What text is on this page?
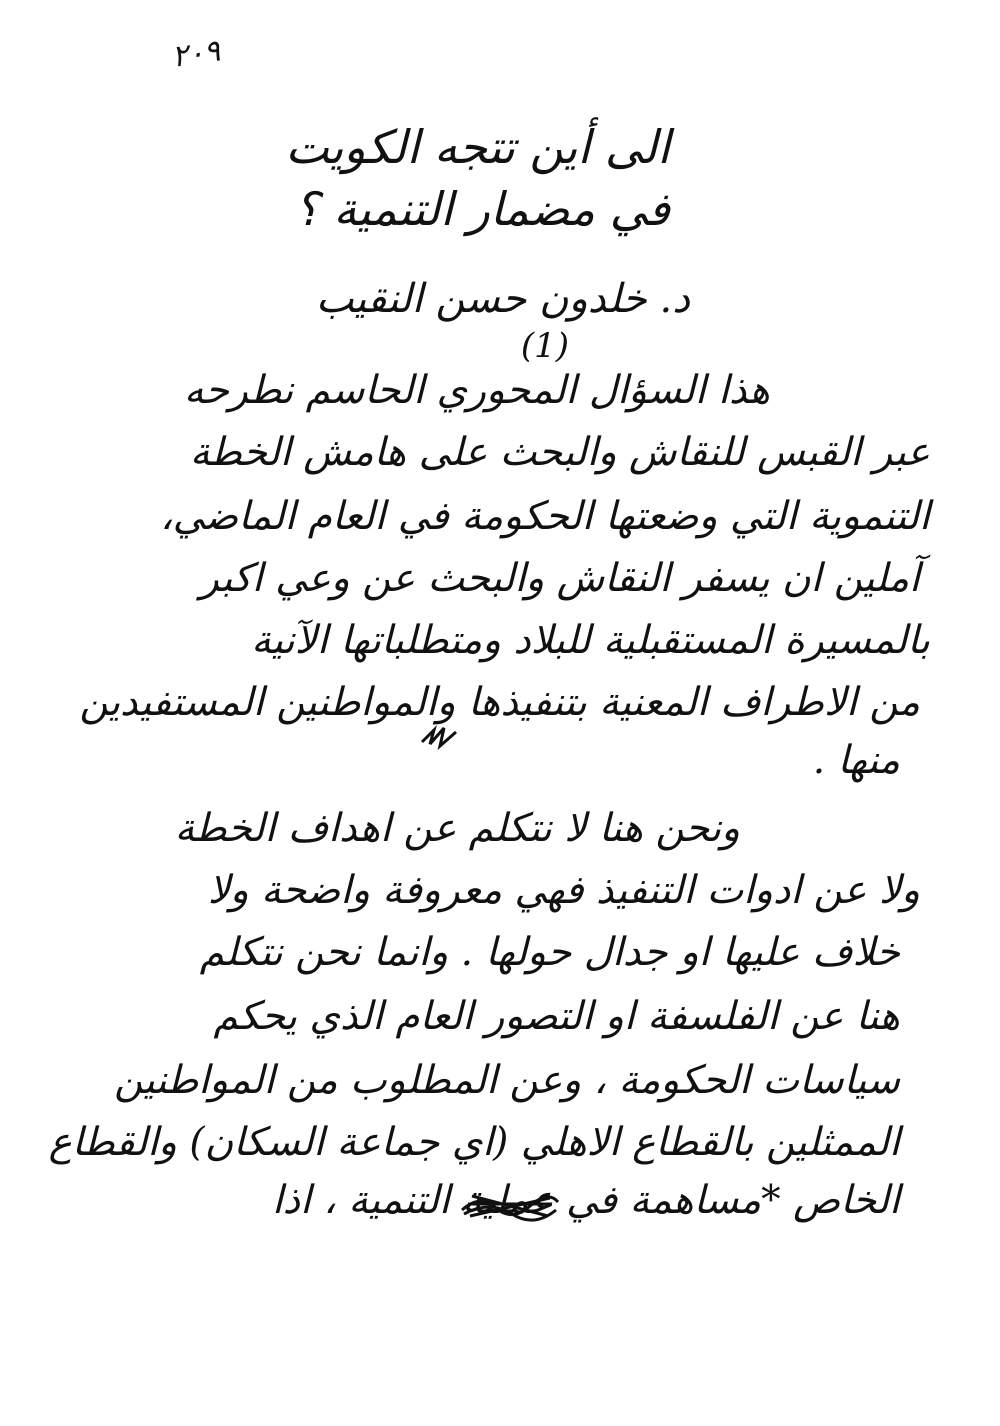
٢٠٩
الى أين تتجه الكويت
في مضمار التنمية ؟
د. خلدون حسن النقيب
(1)
هذا السؤال المحوري الحاسم نطرحه
عبر القبس للنقاش والبحث على هامش الخطة
التنموية التي وضعتها الحكومة في العام الماضي،
آملين ان يسفر النقاش والبحث عن وعي اكبر
بالمسيرة المستقبلية للبلاد ومتطلباتها الآنية
من الاطراف المعنية بتنفيذها والمواطنين المستفيدين
منها .
ونحن هنا لا نتكلم عن اهداف الخطة
ولا عن ادوات التنفيذ فهي معروفة واضحة ولا
خلاف عليها او جدال حولها . وانما نحن نتكلم
هنا عن الفلسفة او التصور العام الذي يحكم
سياسات الحكومة ، وعن المطلوب من المواطنين
الممثلين بالقطاع الاهلي (اي جماعة السكان) والقطاع
الخاص *مساهمة في عملية التنمية ، اذا
